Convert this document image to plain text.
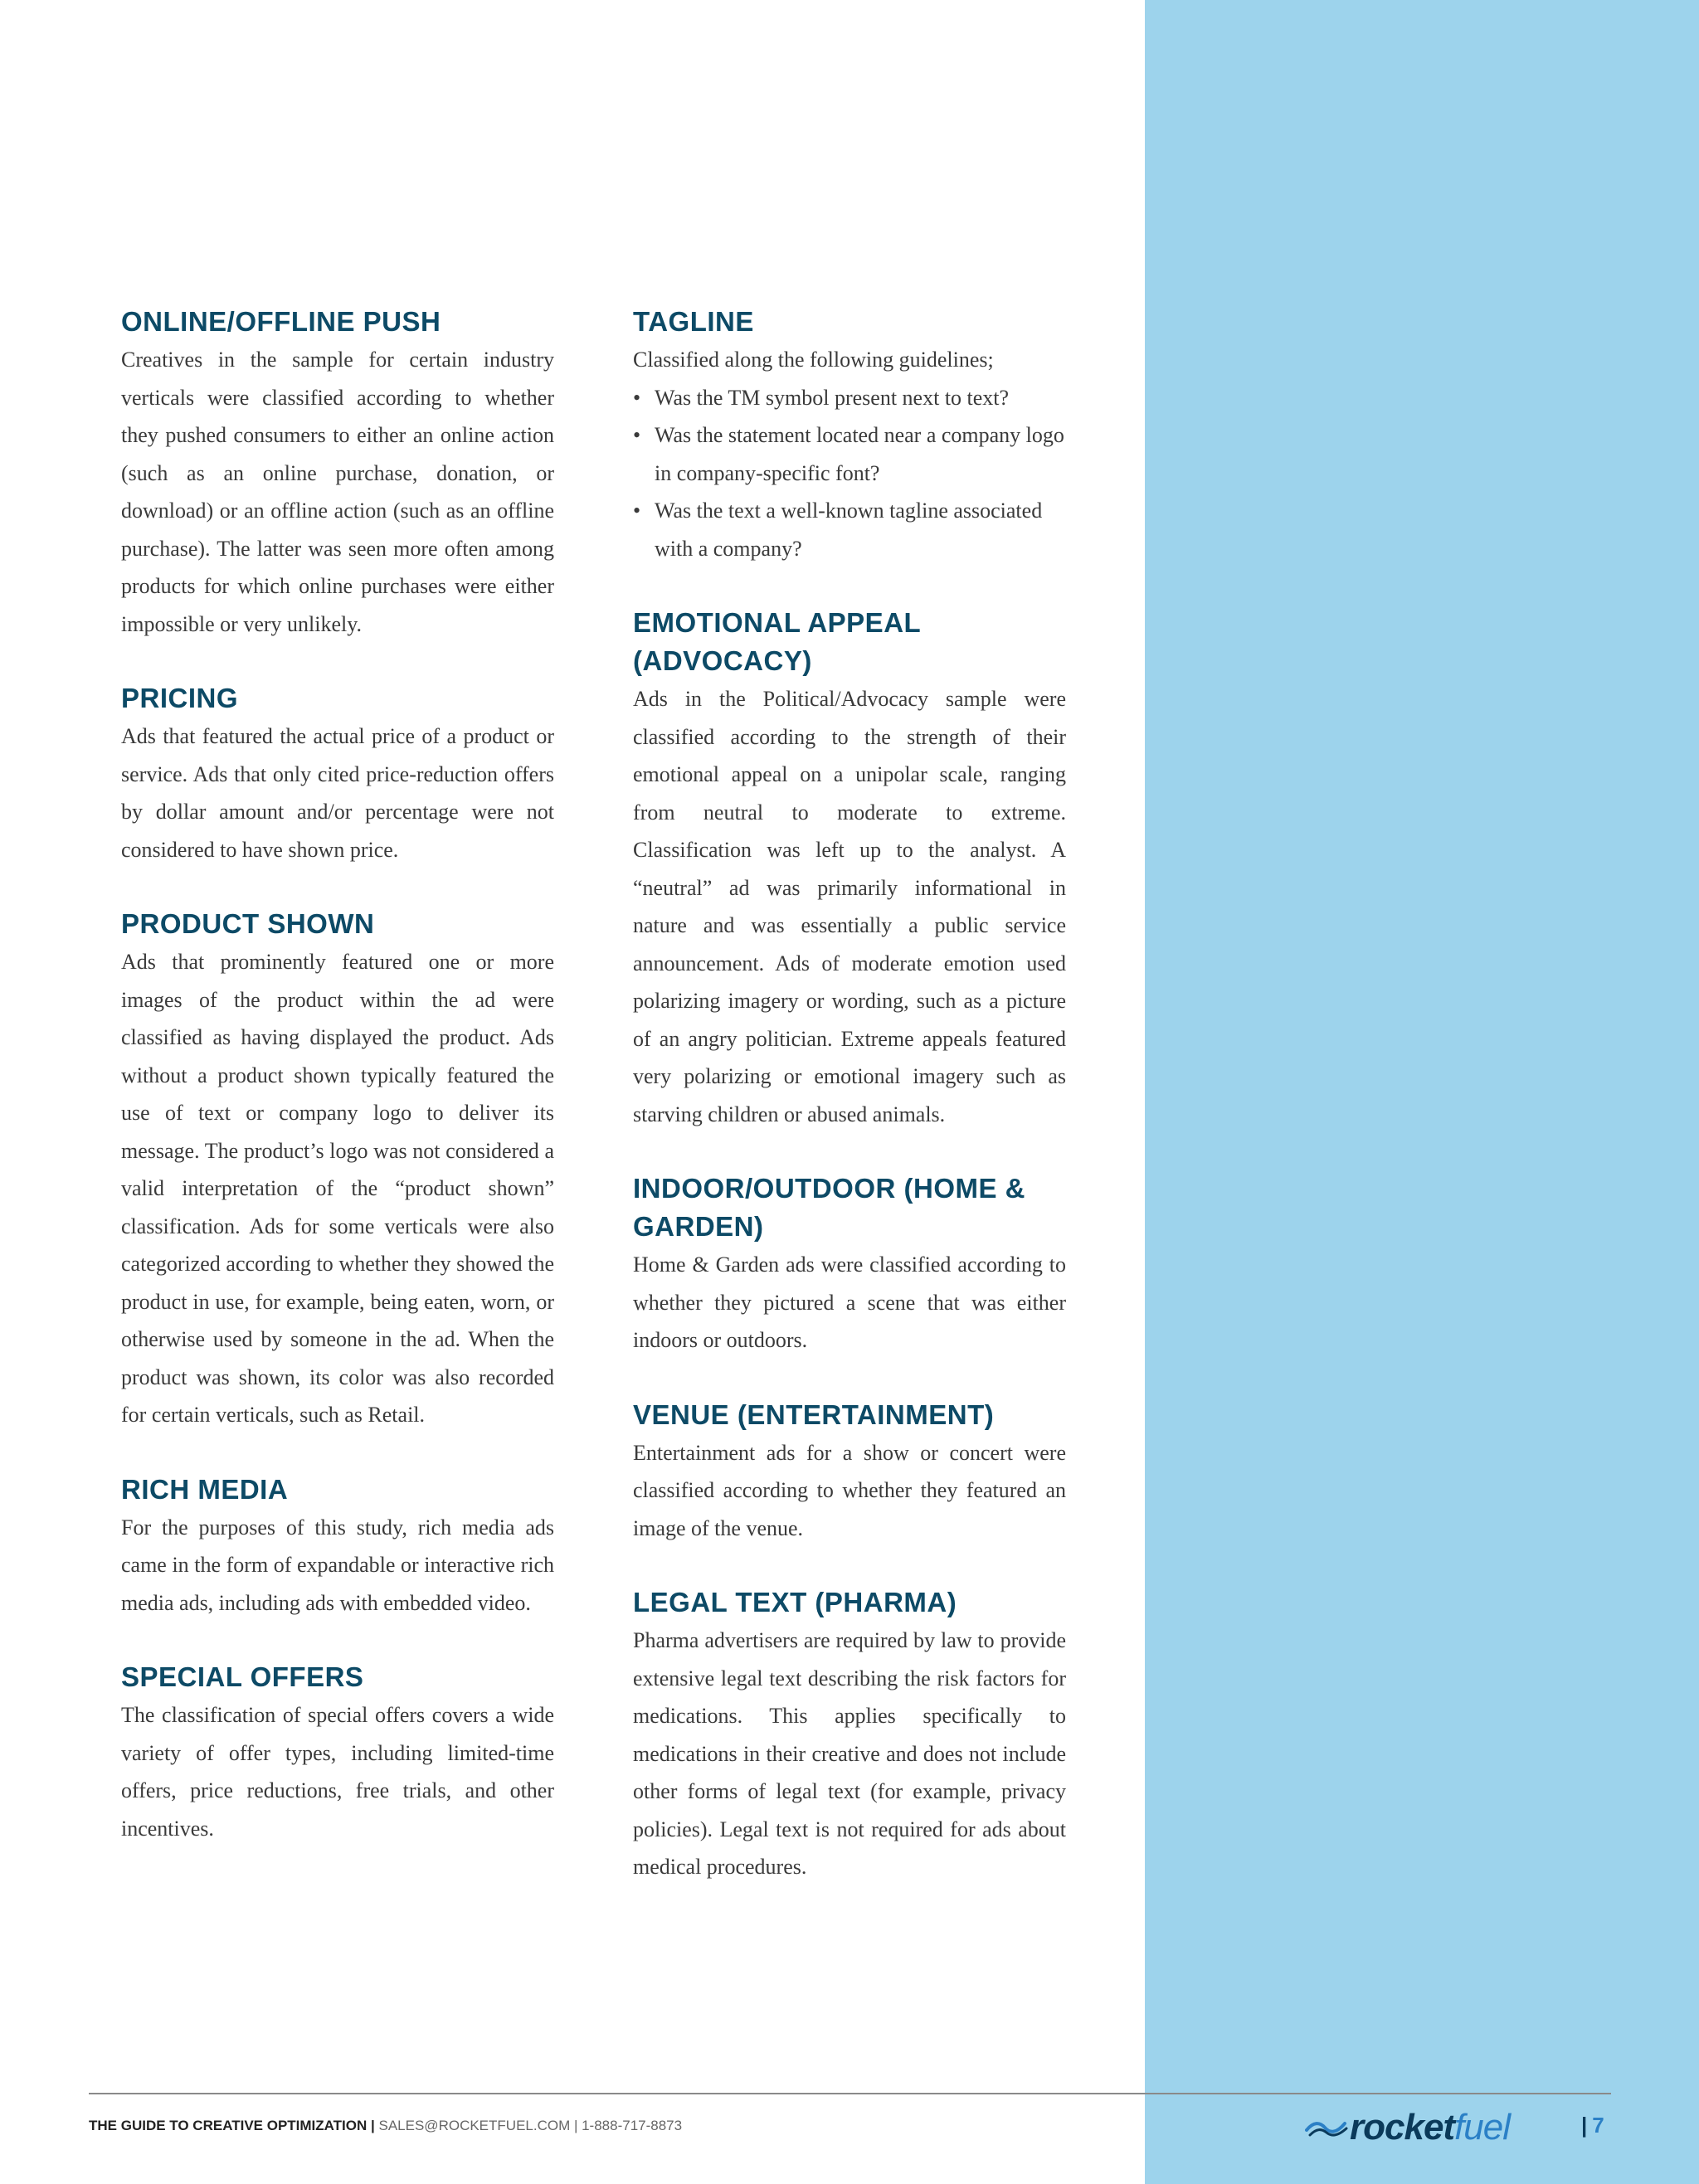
ONLINE/OFFLINE PUSH

Creatives in the sample for certain industry verticals were classified according to whether they pushed consumers to either an online action (such as an online purchase, donation, or download) or an offline action (such as an offline purchase). The latter was seen more often among products for which online purchases were either impossible or very unlikely.

PRICING

Ads that featured the actual price of a product or service. Ads that only cited price-reduction offers by dollar amount and/or percentage were not considered to have shown price.

PRODUCT SHOWN

Ads that prominently featured one or more images of the product within the ad were classified as having displayed the product. Ads without a product shown typically featured the use of text or company logo to deliver its message. The product’s logo was not considered a valid interpretation of the “product shown” classification. Ads for some verticals were also categorized according to whether they showed the product in use, for example, being eaten, worn, or otherwise used by someone in the ad. When the product was shown, its color was also recorded for certain verticals, such as Retail.

RICH MEDIA

For the purposes of this study, rich media ads came in the form of expandable or interactive rich media ads, including ads with embedded video.

SPECIAL OFFERS

The classification of special offers covers a wide variety of offer types, including limited-time offers, price reductions, free trials, and other incentives.

TAGLINE

Classified along the following guidelines;

• Was the TM symbol present next to text?
• Was the statement located near a company logo in company-specific font?
• Was the text a well-known tagline associated with a company?
EMOTIONAL APPEAL (ADVOCACY)

Ads in the Political/Advocacy sample were classified according to the strength of their emotional appeal on a unipolar scale, ranging from neutral to moderate to extreme. Classification was left up to the analyst. A “neutral” ad was primarily informational in nature and was essentially a public service announcement. Ads of moderate emotion used polarizing imagery or wording, such as a picture of an angry politician. Extreme appeals featured very polarizing or emotional imagery such as starving children or abused animals.

INDOOR/OUTDOOR (HOME & GARDEN)

Home & Garden ads were classified according to whether they pictured a scene that was either indoors or outdoors.

VENUE (ENTERTAINMENT)

Entertainment ads for a show or concert were classified according to whether they featured an image of the venue.

LEGAL TEXT (PHARMA)

Pharma advertisers are required by law to provide extensive legal text describing the risk factors for medications. This applies specifically to medications in their creative and does not include other forms of legal text (for example, privacy policies). Legal text is not required for ads about medical procedures.

THE GUIDE TO CREATIVE OPTIMIZATION | SALES@ROCKETFUEL.COM | 1-888-717-8873	rocketfuel	| 7
